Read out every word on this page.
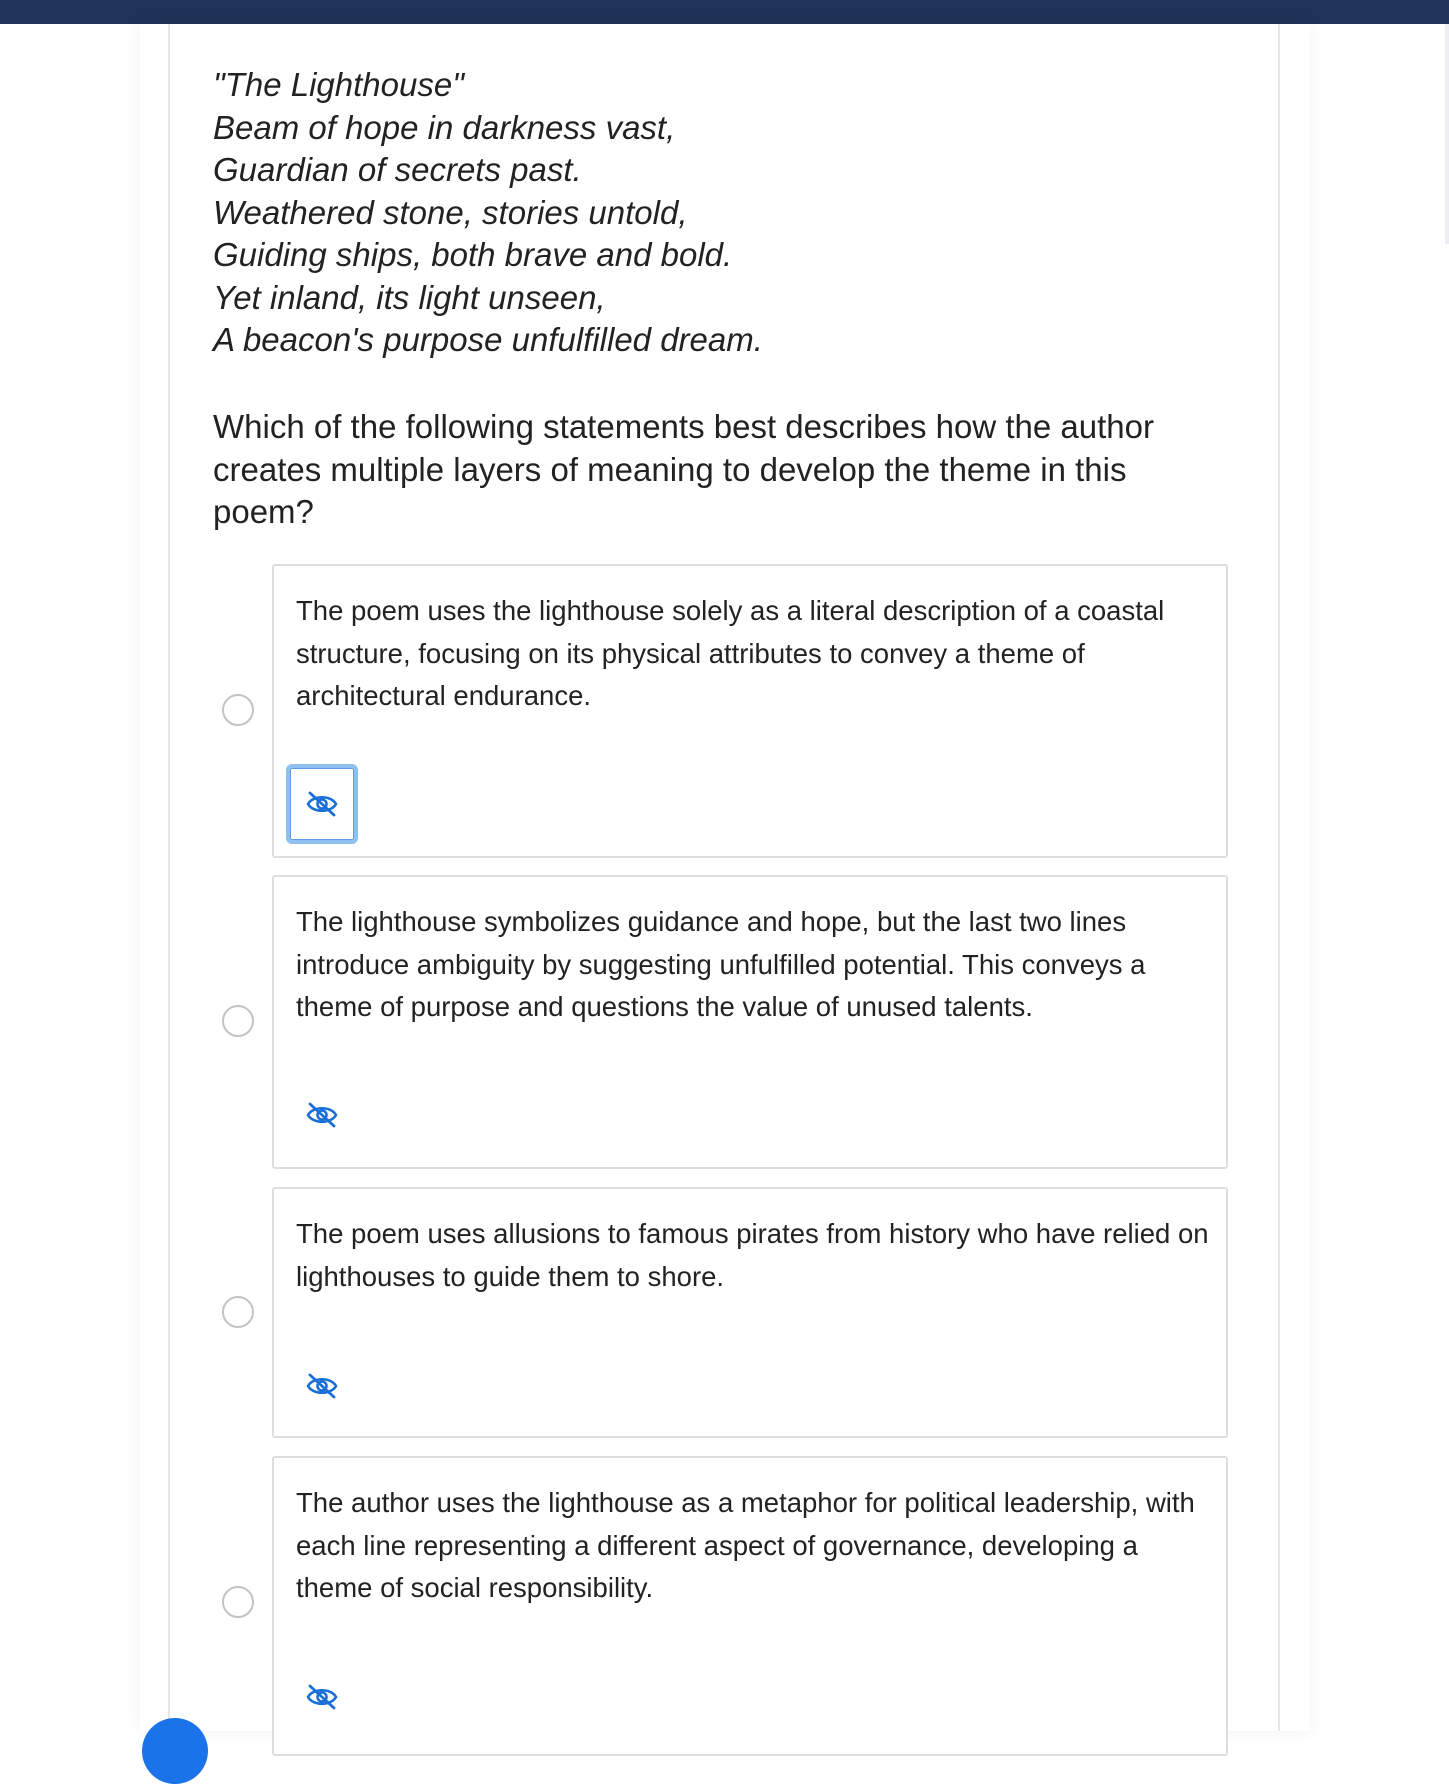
"The Lighthouse"
Beam of hope in darkness vast,
Guardian of secrets past.
Weathered stone, stories untold,
Guiding ships, both brave and bold.
Yet inland, its light unseen,
A beacon's purpose unfulfilled dream.
Which of the following statements best describes how the author creates multiple layers of meaning to develop the theme in this poem?
The poem uses the lighthouse solely as a literal description of a coastal structure, focusing on its physical attributes to convey a theme of architectural endurance.
The lighthouse symbolizes guidance and hope, but the last two lines introduce ambiguity by suggesting unfulfilled potential. This conveys a theme of purpose and questions the value of unused talents.
The poem uses allusions to famous pirates from history who have relied on lighthouses to guide them to shore.
The author uses the lighthouse as a metaphor for political leadership, with each line representing a different aspect of governance, developing a theme of social responsibility.
